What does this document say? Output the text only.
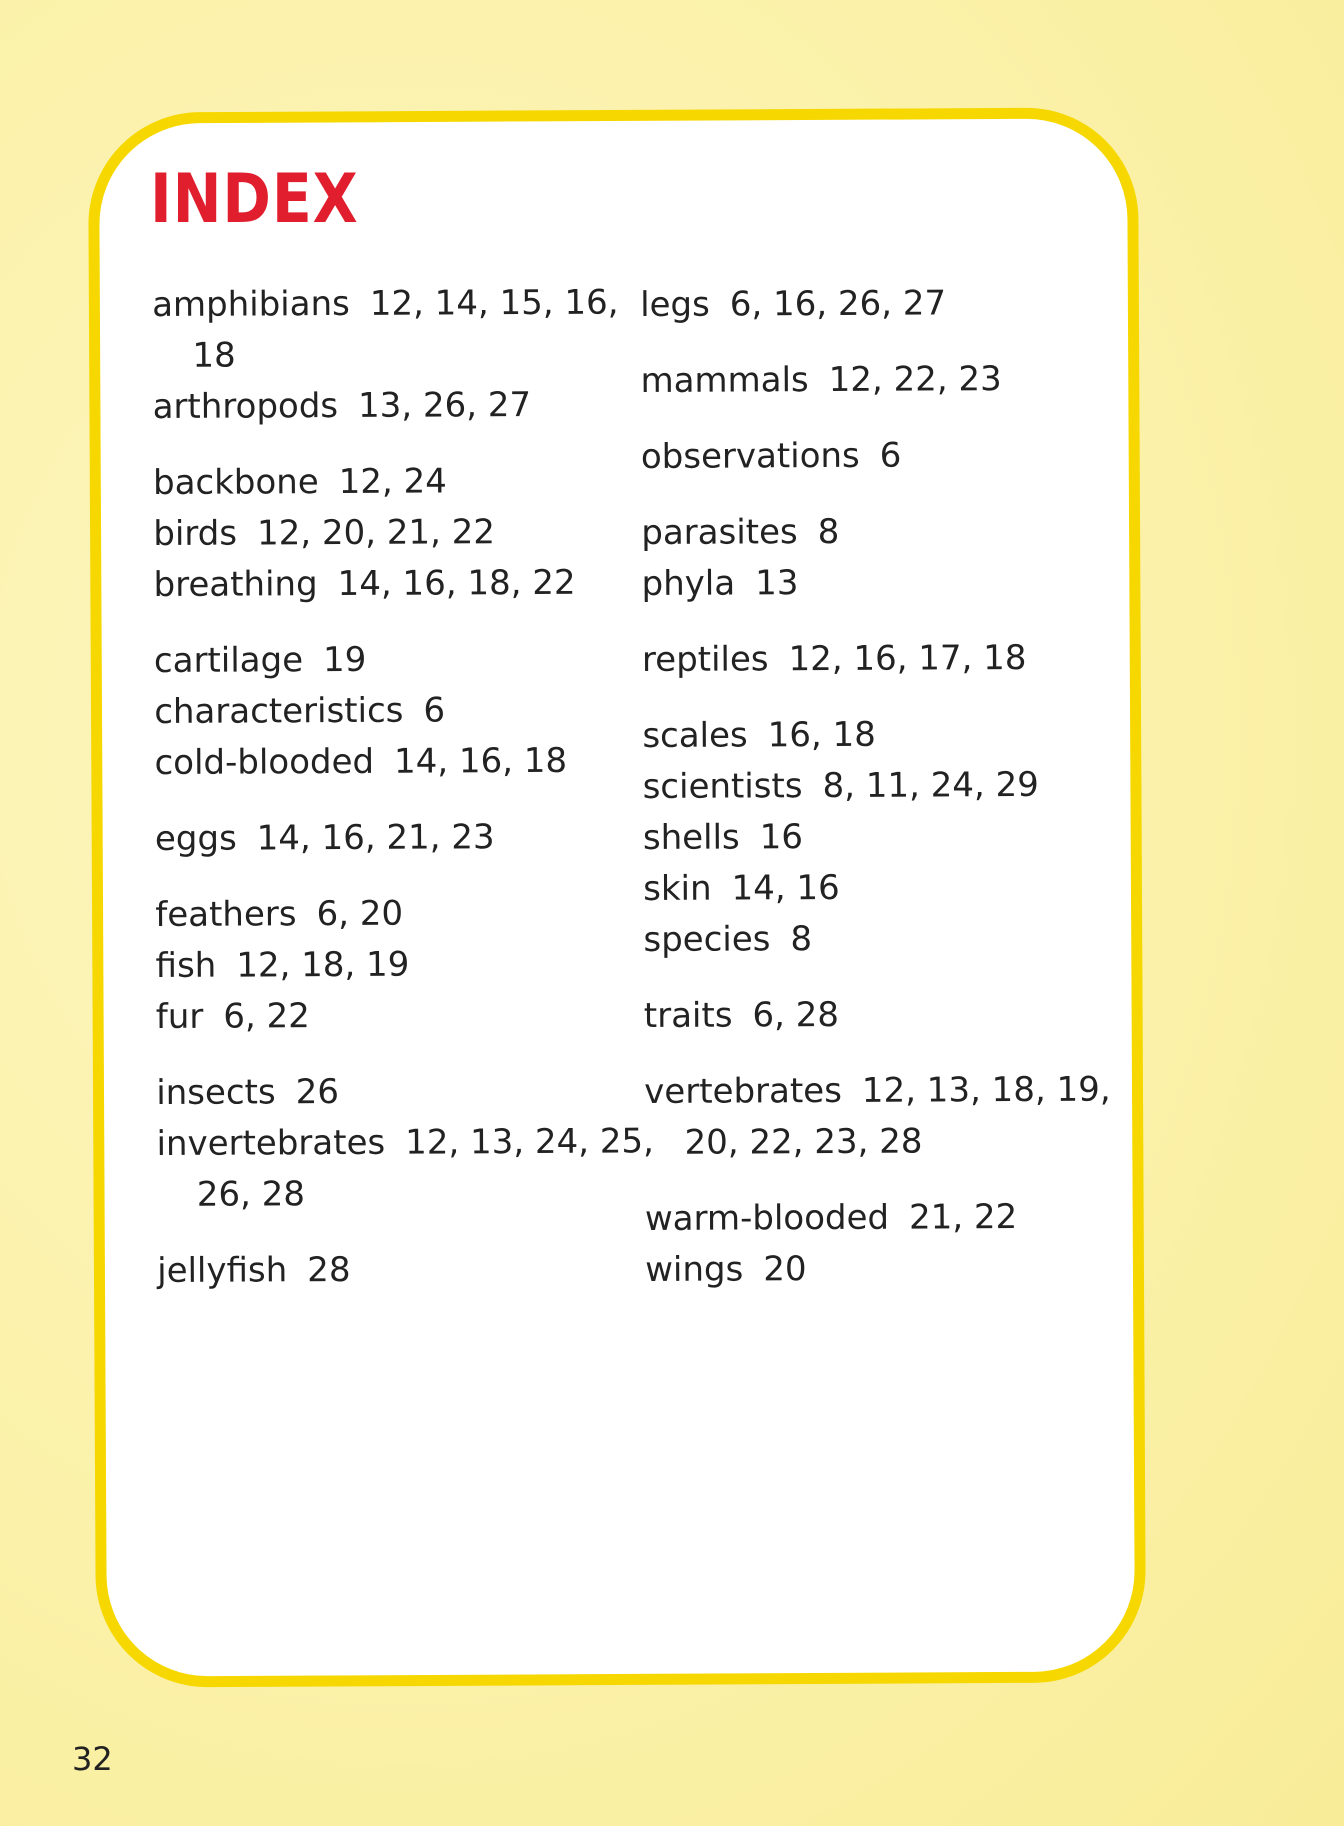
INDEX
amphibians 12, 14, 15, 16, 18
arthropods 13, 26, 27
backbone 12, 24
birds 12, 20, 21, 22
breathing 14, 16, 18, 22
cartilage 19
characteristics 6
cold-blooded 14, 16, 18
eggs 14, 16, 21, 23
feathers 6, 20
fish 12, 18, 19
fur 6, 22
insects 26
invertebrates 12, 13, 24, 25, 26, 28
jellyfish 28
legs 6, 16, 26, 27
mammals 12, 22, 23
observations 6
parasites 8
phyla 13
reptiles 12, 16, 17, 18
scales 16, 18
scientists 8, 11, 24, 29
shells 16
skin 14, 16
species 8
traits 6, 28
vertebrates 12, 13, 18, 19, 20, 22, 23, 28
warm-blooded 21, 22
wings 20
32
